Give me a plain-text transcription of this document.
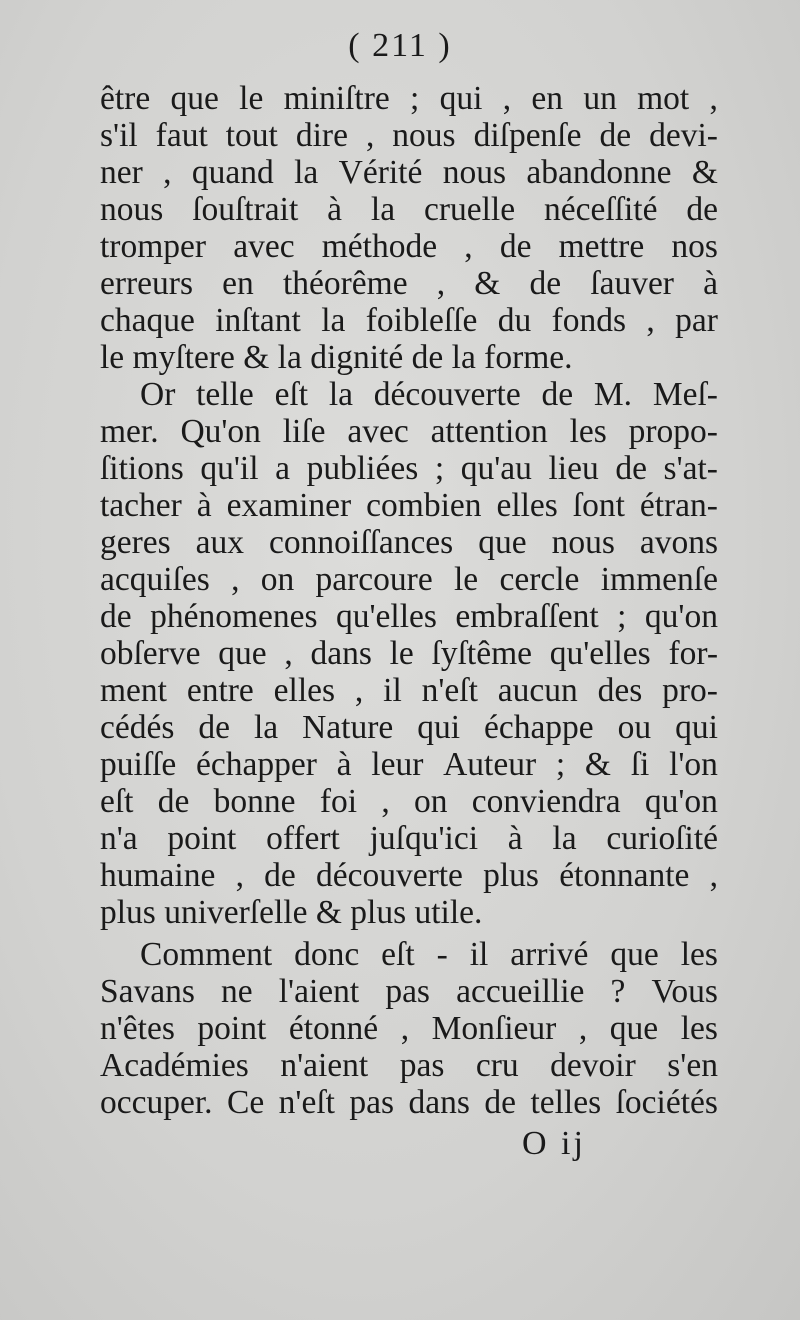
( 211 )
être que le miniſtre ; qui , en un mot ,
s'il faut tout dire , nous diſpenſe de devi-
ner , quand la Vérité nous abandonne &
nous ſouſtrait à la cruelle néceſſité de
tromper avec méthode , de mettre nos
erreurs en théorême , & de ſauver à
chaque inſtant la foibleſſe du fonds , par
le myſtere & la dignité de la forme.
Or telle eſt la découverte de M. Meſ-
mer. Qu'on liſe avec attention les propo-
ſitions qu'il a publiées ; qu'au lieu de s'at-
tacher à examiner combien elles ſont étran-
geres aux connoiſſances que nous avons
acquiſes , on parcoure le cercle immenſe
de phénomenes qu'elles embraſſent ; qu'on
obſerve que , dans le ſyſtême qu'elles for-
ment entre elles , il n'eſt aucun des pro-
cédés de la Nature qui échappe ou qui
puiſſe échapper à leur Auteur ; & ſi l'on
eſt de bonne foi , on conviendra qu'on
n'a point offert juſqu'ici à la curioſité
humaine , de découverte plus étonnante ,
plus univerſelle & plus utile.
Comment donc eſt - il arrivé que les
Savans ne l'aient pas accueillie ? Vous
n'êtes point étonné , Monſieur , que les
Académies n'aient pas cru devoir s'en
occuper. Ce n'eſt pas dans de telles ſociétés
O ij
